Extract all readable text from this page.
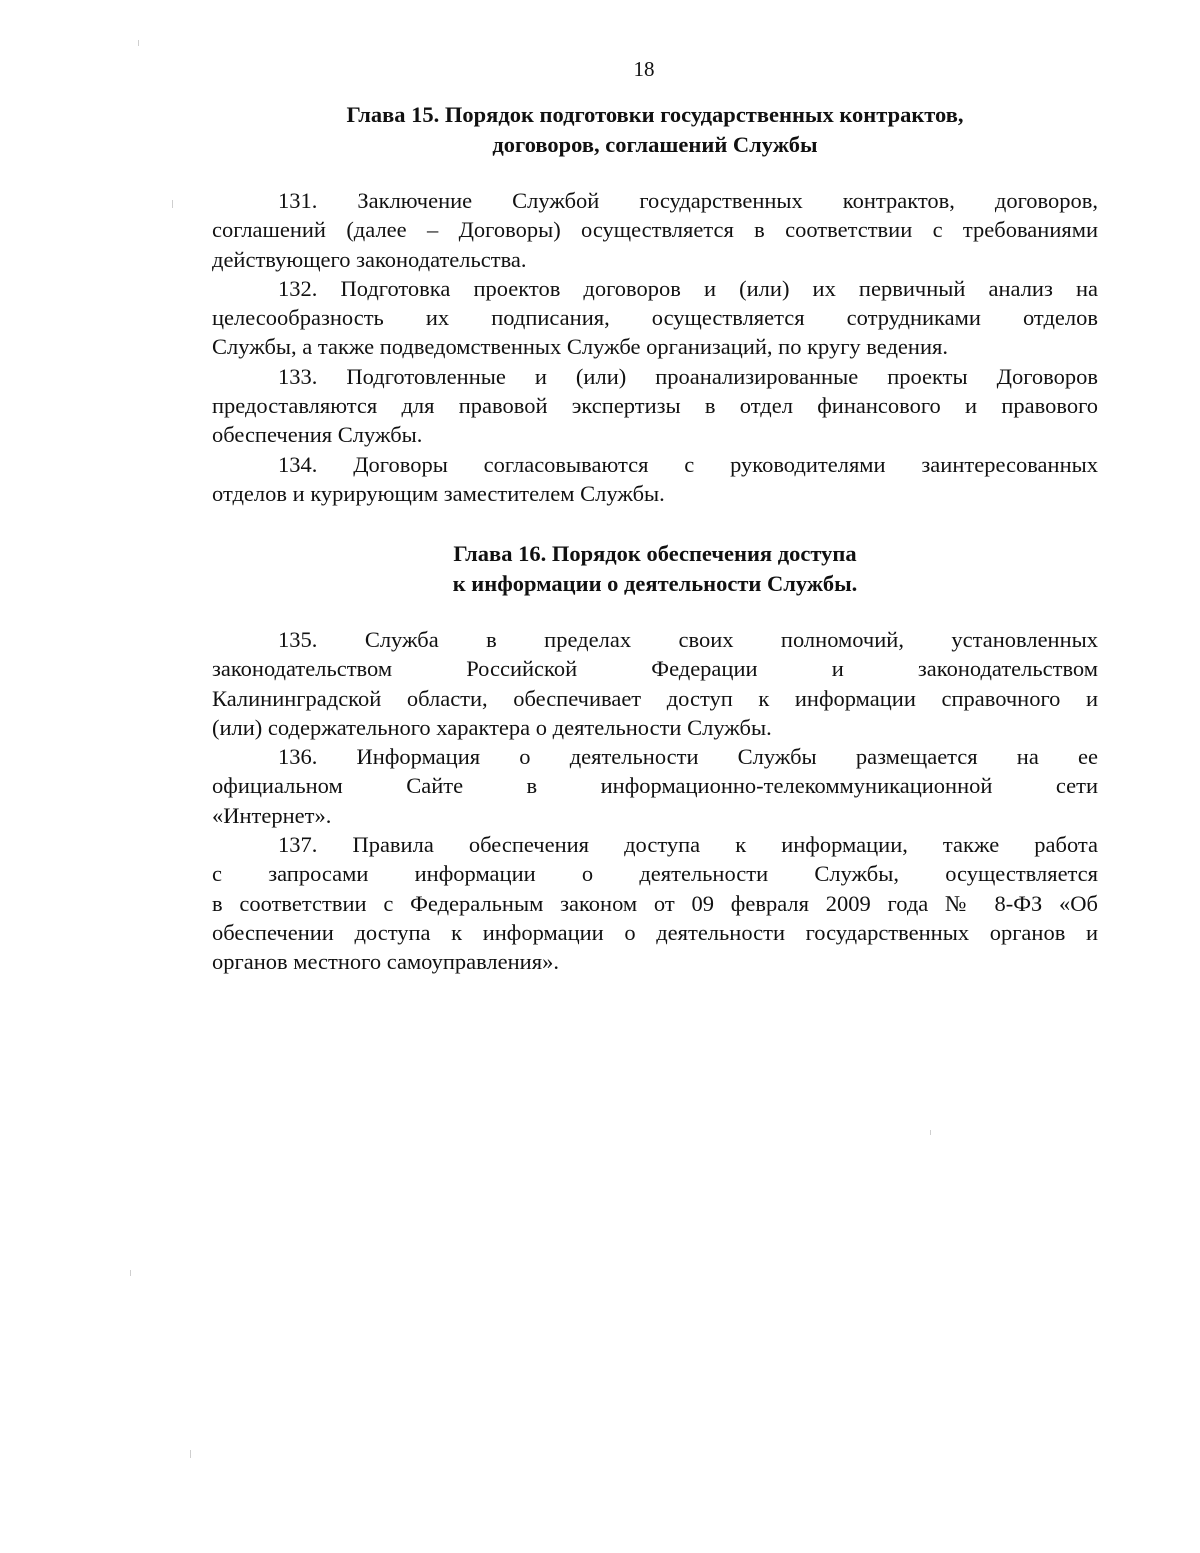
18
Глава 15. Порядок подготовки государственных контрактов,
договоров, соглашений Службы

131. Заключение Службой государственных контрактов, договоров,
соглашений (далее – Договоры) осуществляется в соответствии с требованиями
действующего законодательства.

132. Подготовка проектов договоров и (или) их первичный анализ на
целесообразность их подписания, осуществляется сотрудниками отделов
Службы, а также подведомственных Службе организаций, по кругу ведения.

133. Подготовленные и (или) проанализированные проекты Договоров
предоставляются для правовой экспертизы в отдел финансового и правового
обеспечения Службы.

134. Договоры согласовываются с руководителями заинтересованных
отделов и курирующим заместителем Службы.

Глава 16. Порядок обеспечения доступа
к информации о деятельности Службы.

135. Служба в пределах своих полномочий, установленных
законодательством Российской Федерации и законодательством
Калининградской области, обеспечивает доступ к информации справочного и
(или) содержательного характера о деятельности Службы.

136. Информация о деятельности Службы размещается на ее
официальном Сайте в информационно-телекоммуникационной сети
«Интернет».

137. Правила обеспечения доступа к информации, также работа
с запросами информации о деятельности Службы, осуществляется
в соответствии с Федеральным законом от 09 февраля 2009 года № 8-ФЗ «Об
обеспечении доступа к информации о деятельности государственных органов и
органов местного самоуправления».
